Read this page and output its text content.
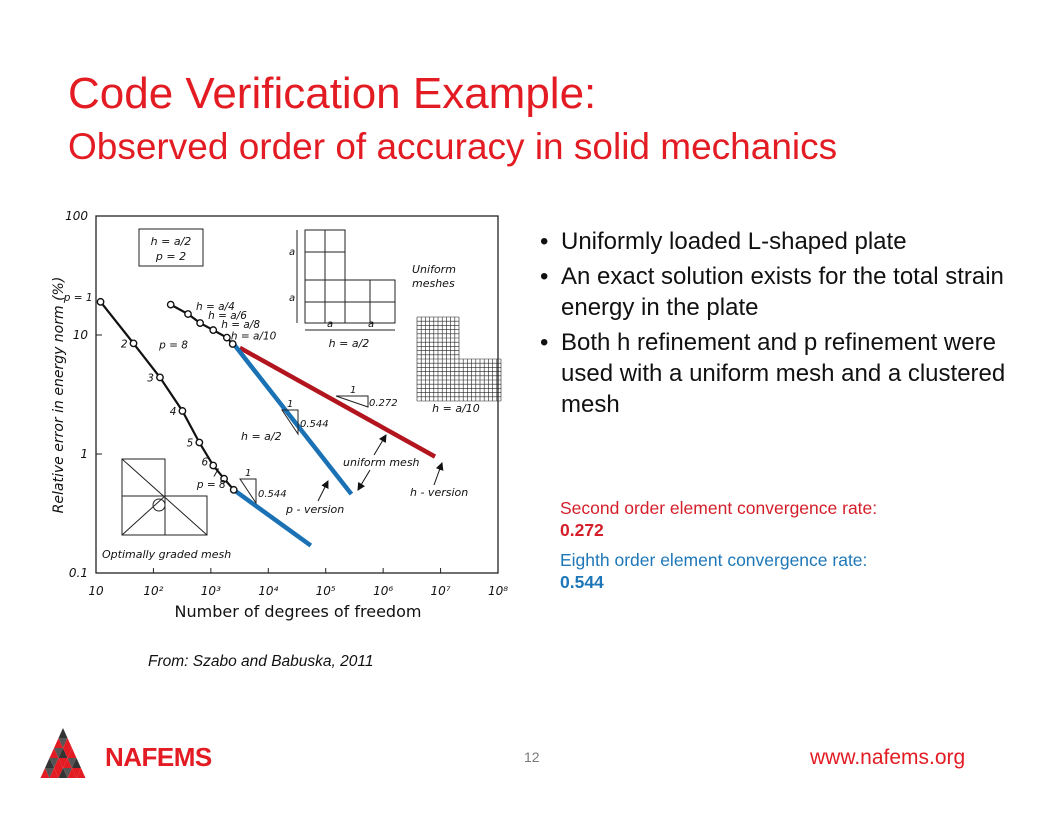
Code Verification Example:
Observed order of accuracy in solid mechanics
Relative error in energy norm (%)
Number of degrees of freedom
10	10²	10³	10⁴	10⁵	10⁶	10⁷	10⁸
100
10
1
0.1
h = a/2
p = 2	a
a
a	a
h = a/2
Uniform
meshes
h = a/10
Optimally graded mesh
p = 1
2
3
4
5
6
7
p = 8
h = a/4
h = a/6
h = a/8
h = a/10
p = 8
1
0.272
1
0.544
1
0.544
h = a/2
uniform mesh
h - version
p - version
• Uniformly loaded L-shaped plate
• An exact solution exists for the total strain energy in the plate
• Both h refinement and p refinement were used with a uniform mesh and a clustered mesh
Second order element convergence rate:
0.272
Eighth order element convergence rate:
0.544
From: Szabo and Babuska, 2011
NAFEMS	12	www.nafems.org
